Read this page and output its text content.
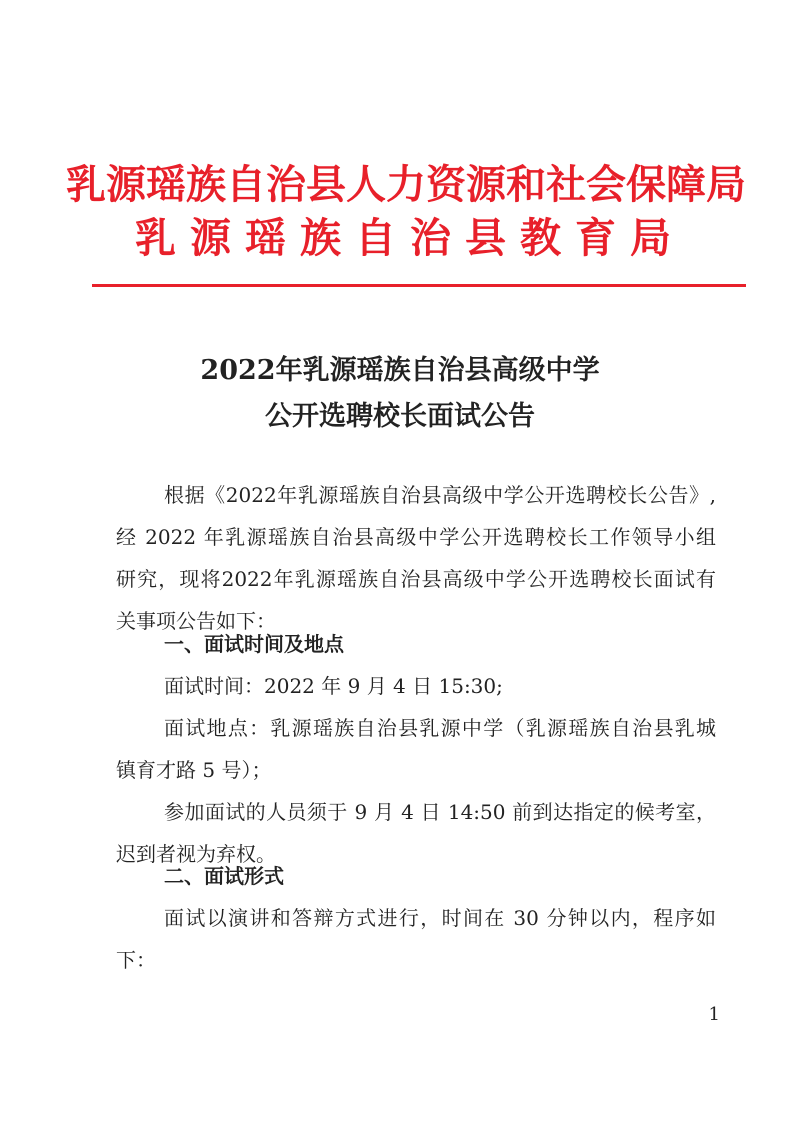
乳源瑶族自治县人力资源和社会保障局
乳源瑶族自治县教育局
2022年乳源瑶族自治县高级中学
公开选聘校长面试公告
根据《2022年乳源瑶族自治县高级中学公开选聘校长公告》,
经 2022 年乳源瑶族自治县高级中学公开选聘校长工作领导小组
研究，现将2022年乳源瑶族自治县高级中学公开选聘校长面试有
关事项公告如下：
一、面试时间及地点
面试时间：2022 年 9 月 4 日 15:30;
面试地点：乳源瑶族自治县乳源中学（乳源瑶族自治县乳城
镇育才路 5 号）；
参加面试的人员须于 9 月 4 日 14:50 前到达指定的候考室，
迟到者视为弃权。
二、面试形式
面试以演讲和答辩方式进行，时间在 30 分钟以内，程序如
下：
1
